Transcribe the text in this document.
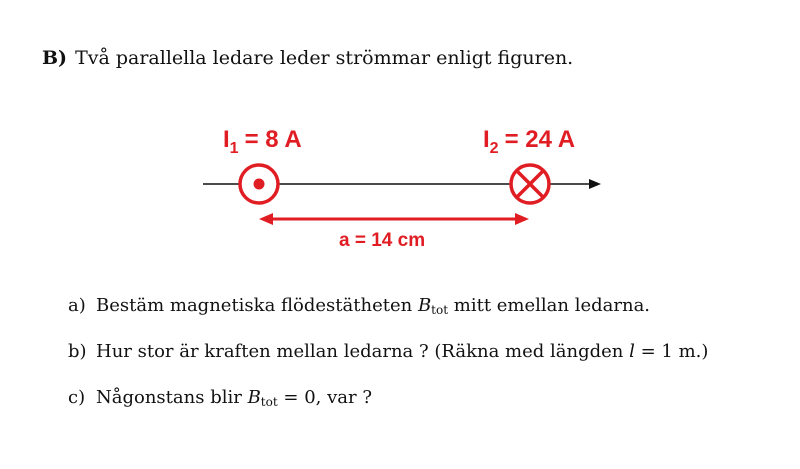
B) Två parallella ledare leder strömmar enligt figuren.
$I_1 = 8$ A	$I_2 = 24$ A
a = 14 cm
a) Bestäm magnetiska flödestätheten $B_{tot}$ mitt emellan ledarna.
b) Hur stor är kraften mellan ledarna ? (Räkna med längden l = 1 m.)
c) Någonstans blir $B_{tot} = 0$, var ?
